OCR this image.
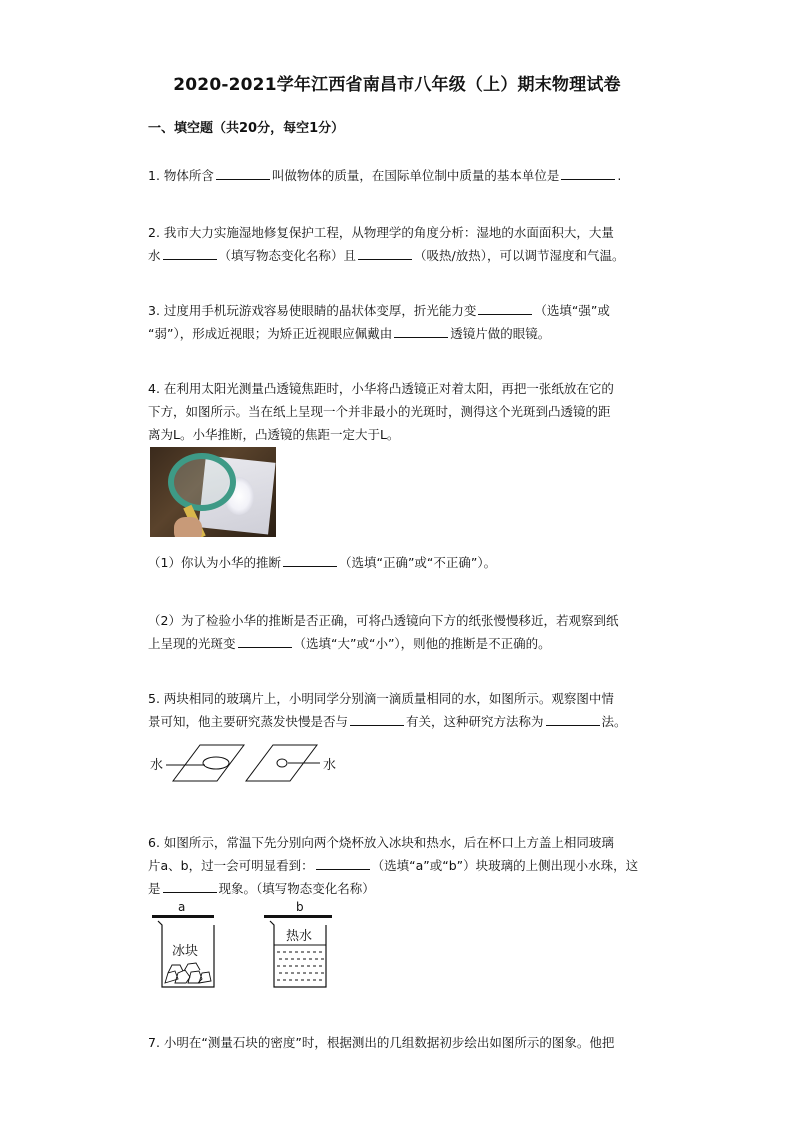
2020-2021学年江西省南昌市八年级（上）期末物理试卷
一、填空题（共20分，每空1分）
1. 物体所含	叫做物体的质量，在国际单位制中质量的基本单位是	.
2. 我市大力实施湿地修复保护工程，从物理学的角度分析：湿地的水面面积大，大量
水	（填写物态变化名称）且	（吸热/放热），可以调节湿度和气温。
3. 过度用手机玩游戏容易使眼睛的晶状体变厚，折光能力变	（选填“强”或
“弱”），形成近视眼；为矫正近视眼应佩戴由	透镜片做的眼镜。
4. 在利用太阳光测量凸透镜焦距时，小华将凸透镜正对着太阳，再把一张纸放在它的
下方，如图所示。当在纸上呈现一个并非最小的光斑时，测得这个光斑到凸透镜的距
离为L。小华推断，凸透镜的焦距一定大于L。
（1）你认为小华的推断	（选填“正确”或“不正确”）。
（2）为了检验小华的推断是否正确，可将凸透镜向下方的纸张慢慢移近，若观察到纸
上呈现的光斑变	（选填“大”或“小”），则他的推断是不正确的。
5. 两块相同的玻璃片上，小明同学分别滴一滴质量相同的水，如图所示。观察图中情
景可知，他主要研究蒸发快慢是否与	有关，这种研究方法称为	法。
水	水
6. 如图所示，常温下先分别向两个烧杯放入冰块和热水，后在杯口上方盖上相同玻璃
片a、b，过一会可明显看到：	（选填“a”或“b”）块玻璃的上侧出现小水珠，这
是	现象。（填写物态变化名称）
a
冰块
b
热水
7. 小明在“测量石块的密度”时，根据测出的几组数据初步绘出如图所示的图象。他把
